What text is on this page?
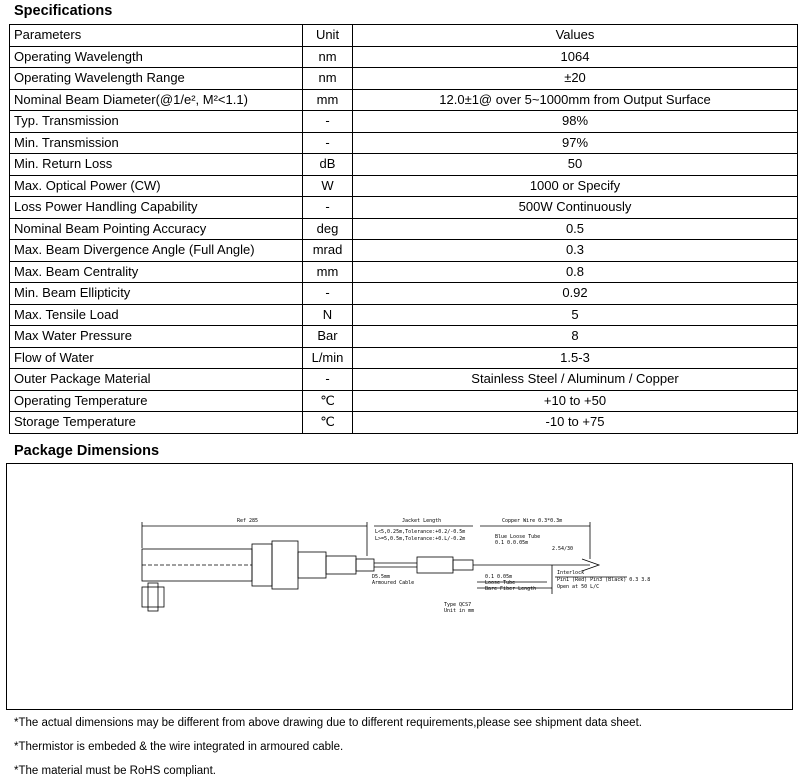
Specifications
Parameters	Unit	Values
Operating Wavelength	nm	1064
Operating Wavelength Range	nm	±20
Nominal Beam Diameter(@1/e², M²<1.1)	mm	12.0±1@ over 5~1000mm from Output Surface
Typ. Transmission	-	98%
Min. Transmission	-	97%
Min. Return Loss	dB	50
Max. Optical Power (CW)	W	1000 or Specify
Loss Power Handling Capability	-	500W Continuously
Nominal Beam Pointing Accuracy	deg	0.5
Max. Beam Divergence Angle (Full Angle)	mrad	0.3
Max. Beam Centrality	mm	0.8
Min. Beam Ellipticity	-	0.92
Max. Tensile Load	N	5
Max Water Pressure	Bar	8
Flow of Water	L/min	1.5-3
Outer Package Material	-	Stainless Steel / Aluminum / Copper
Operating Temperature	℃	+10 to +50
Storage Temperature	℃	-10 to +75
Package Dimensions
Ref 285	Jacket Length	Copper Wire 0.3*0.3m
L<5,0.25m,Tolerance:+0.2/-0.5m
L>=5,0.5m,Tolerance:+0.L/-0.2m	Blue Loose Tube
0.1 0.0.05m
2.54/30
D5.5mm
Armoured Cable
0.1 0.05m
Loose Tube
Bare Fiber Length
Interlock
Pin1 (Red) Pin3 (Black) 0.3 3.8
Open at 50 L/C
Type QCS7
Unit in mm
*The actual dimensions may be different from above drawing due to different requirements,please see shipment data sheet.
*Thermistor is embeded & the wire integrated in armoured cable.
*The material must be RoHS compliant.
